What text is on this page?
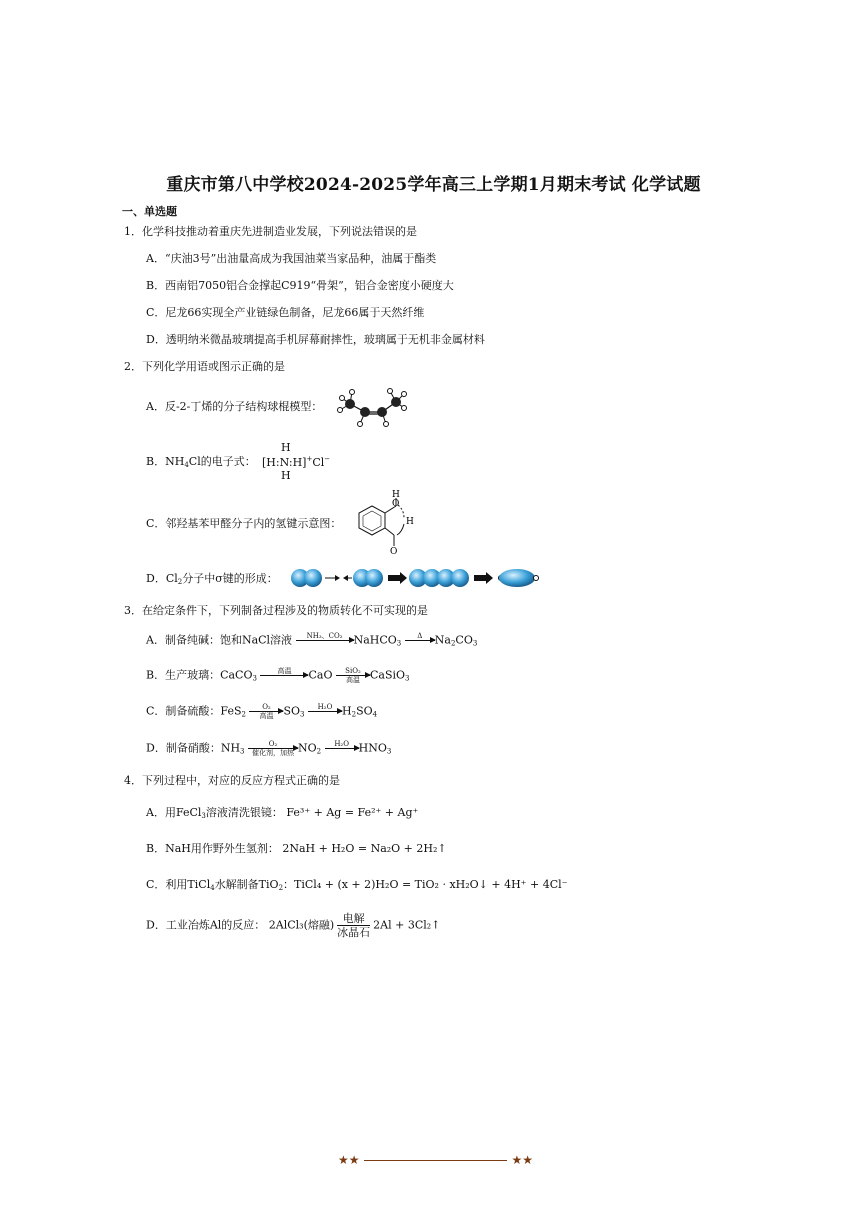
重庆市第八中学校2024-2025学年高三上学期1月期末考试 化学试题
一、单选题
1．化学科技推动着重庆先进制造业发展，下列说法错误的是
A．“庆油3号”出油量高成为我国油菜当家品种，油属于酯类
B．西南铝7050铝合金撑起C919“骨架”，铝合金密度小硬度大
C．尼龙66实现全产业链绿色制备，尼龙66属于天然纤维
D．透明纳米微晶玻璃提高手机屏幕耐摔性，玻璃属于无机非金属材料
2．下列化学用语或图示正确的是
A．反-2-丁烯的分子结构球棍模型：
B．$NH_4Cl$的电子式：
H
[H:N:H]+Cl−
H
C．邻羟基苯甲醛分子内的氢键示意图：
O
H
H
O
D．$Cl_2$分子中σ键的形成：
3．在给定条件下，下列制备过程涉及的物质转化不可实现的是
A．制备纯碱：饱和NaCl溶液	NH₃、CO₂
	NaHCO$_3$
Δ
	$Na_2CO_3$
B．生产玻璃：CaCO$_3$
高温
	CaO	SiO₂
高温 CaSiO$_3$
C．制备硫酸：FeS$_2$
O₂
高温 $SO_3$
H₂O
$H_2SO_4$
D．制备硝酸：$NH_3$
O₂
催化剂，加热 $NO_2$
H₂O
$HNO_3$
4．下列过程中，对应的反应方程式正确的是
A．用FeCl$_3$溶液清洗银镜： Fe³⁺ + Ag = Fe²⁺ + Ag⁺
B．NaH用作野外生氢剂： 2NaH + H₂O = Na₂O + 2H₂↑
C．利用TiCl$_4$水解制备TiO$_2$：TiCl₄ + (x + 2)H₂O = TiO₂ · xH₂O↓ + 4H⁺ + 4Cl⁻
D．工业冶炼Al的反应： 2AlCl₃(熔融) $\frac{\text{电解}}{\text{冰晶石}} 2Al$ + 3Cl₂↑
★★	★★
